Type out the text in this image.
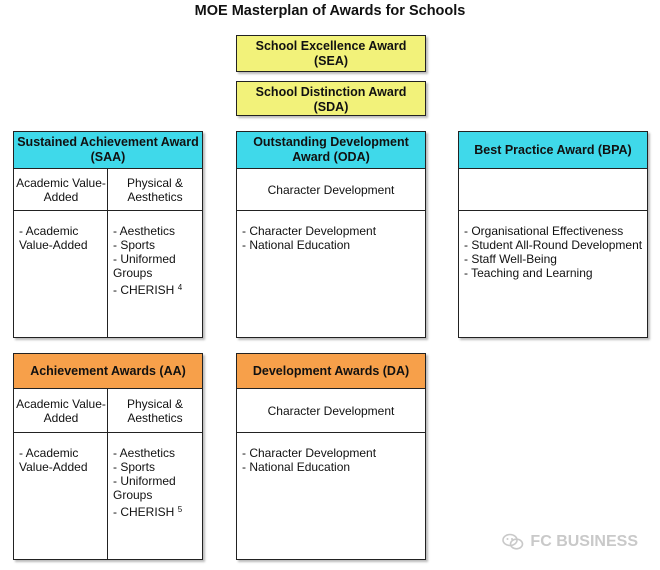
MOE Masterplan of Awards for Schools
School Excellence Award
(SEA)
School Distinction Award
(SDA)
Sustained Achievement Award
(SAA)
Academic Value-Added
Physical & Aesthetics
- Academic
Value-Added
- Aesthetics
- Sports
- Uniformed
Groups
- CHERISH $^4$
Outstanding Development
Award (ODA)
Character Development
- Character Development
- National Education
Best Practice Award (BPA)
- Organisational Effectiveness
- Student All-Round Development
- Staff Well-Being
- Teaching and Learning
Achievement Awards (AA)
Academic Value-Added
Physical & Aesthetics
- Academic
Value-Added
- Aesthetics
- Sports
- Uniformed
Groups
- CHERISH $^5$
Development Awards (DA)
Character Development
- Character Development
- National Education
FC BUSINESS
